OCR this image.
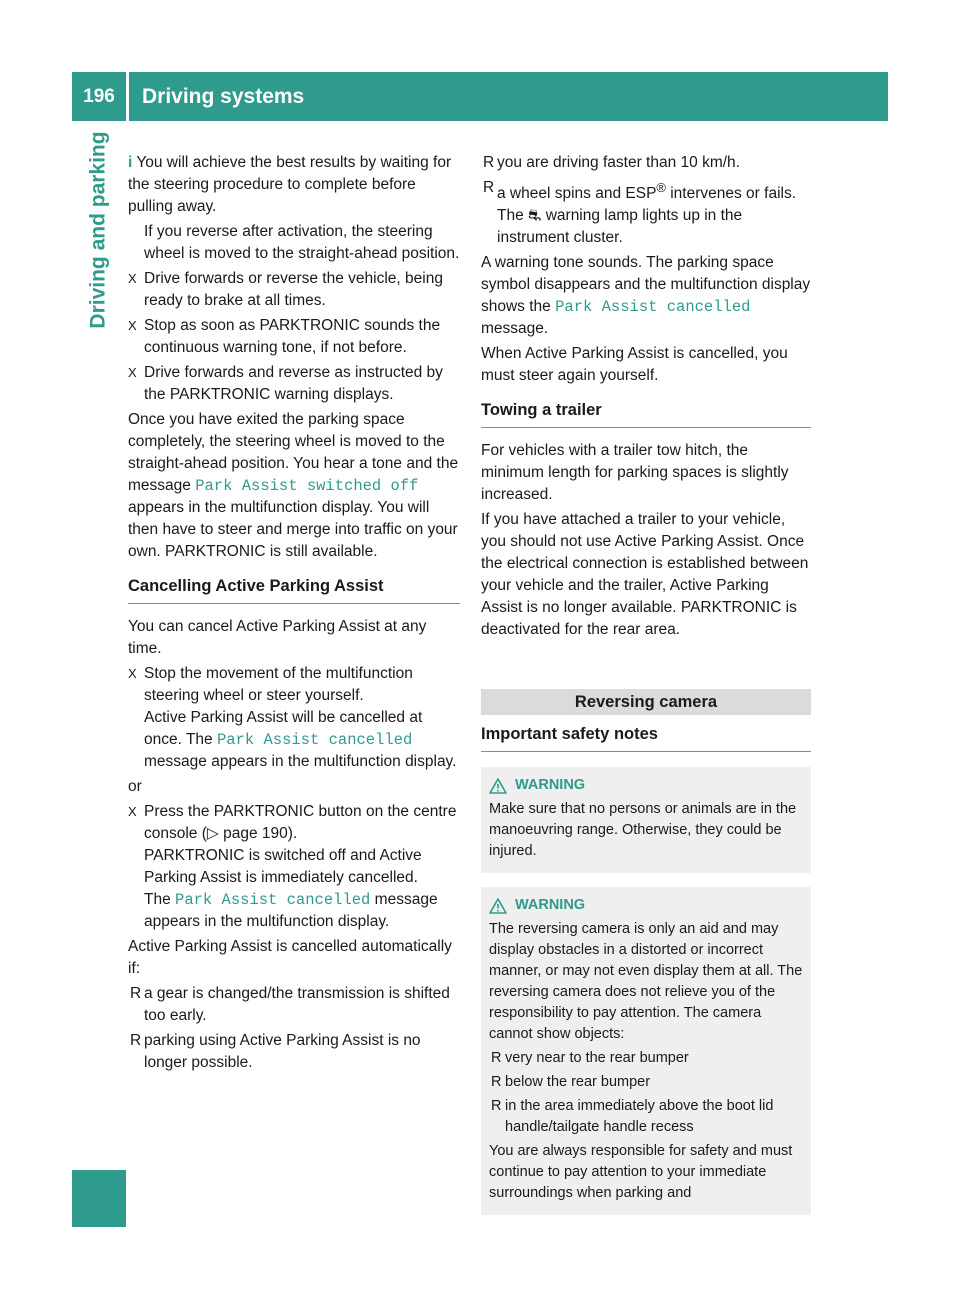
196	Driving systems
Driving and parking i You will achieve the best results by waiting for the steering procedure to complete before pulling away.

If you reverse after activation, the steering wheel is moved to the straight-ahead position.

X Drive forwards or reverse the vehicle, being ready to brake at all times.
X Stop as soon as PARKTRONIC sounds the continuous warning tone, if not before.
X Drive forwards and reverse as instructed by the PARKTRONIC warning displays.

Once you have exited the parking space completely, the steering wheel is moved to the straight-ahead position. You hear a tone and the message Park Assist switched off appears in the multifunction display. You will then have to steer and merge into traffic on your own. PARKTRONIC is still available.

Cancelling Active Parking Assist

You can cancel Active Parking Assist at any time.

X Stop the movement of the multifunction steering wheel or steer yourself.
Active Parking Assist will be cancelled at once. The Park Assist cancelled message appears in the multifunction display.

or

X Press the PARKTRONIC button on the centre console (▷ page 190).
PARKTRONIC is switched off and Active Parking Assist is immediately cancelled.
The Park Assist cancelled message appears in the multifunction display.

Active Parking Assist is cancelled automatically if:

R a gear is changed/the transmission is shifted too early.
R parking using Active Parking Assist is no longer possible.
R you are driving faster than 10 km/h.
R a wheel spins and ESP® intervenes or fails.
The ⛐ warning lamp lights up in the instrument cluster.

A warning tone sounds. The parking space symbol disappears and the multifunction display shows the Park Assist cancelled message.

When Active Parking Assist is cancelled, you must steer again yourself.

Towing a trailer

For vehicles with a trailer tow hitch, the minimum length for parking spaces is slightly increased.

If you have attached a trailer to your vehicle, you should not use Active Parking Assist. Once the electrical connection is established between your vehicle and the trailer, Active Parking Assist is no longer available. PARKTRONIC is deactivated for the rear area.

Reversing camera
Important safety notes
WARNING

Make sure that no persons or animals are in the manoeuvring range. Otherwise, they could be injured.

WARNING

The reversing camera is only an aid and may display obstacles in a distorted or incorrect manner, or may not even display them at all. The reversing camera does not relieve you of the responsibility to pay attention. The camera cannot show objects:

R very near to the rear bumper
R below the rear bumper
R in the area immediately above the boot lid handle/tailgate handle recess

You are always responsible for safety and must continue to pay attention to your immediate surroundings when parking and
